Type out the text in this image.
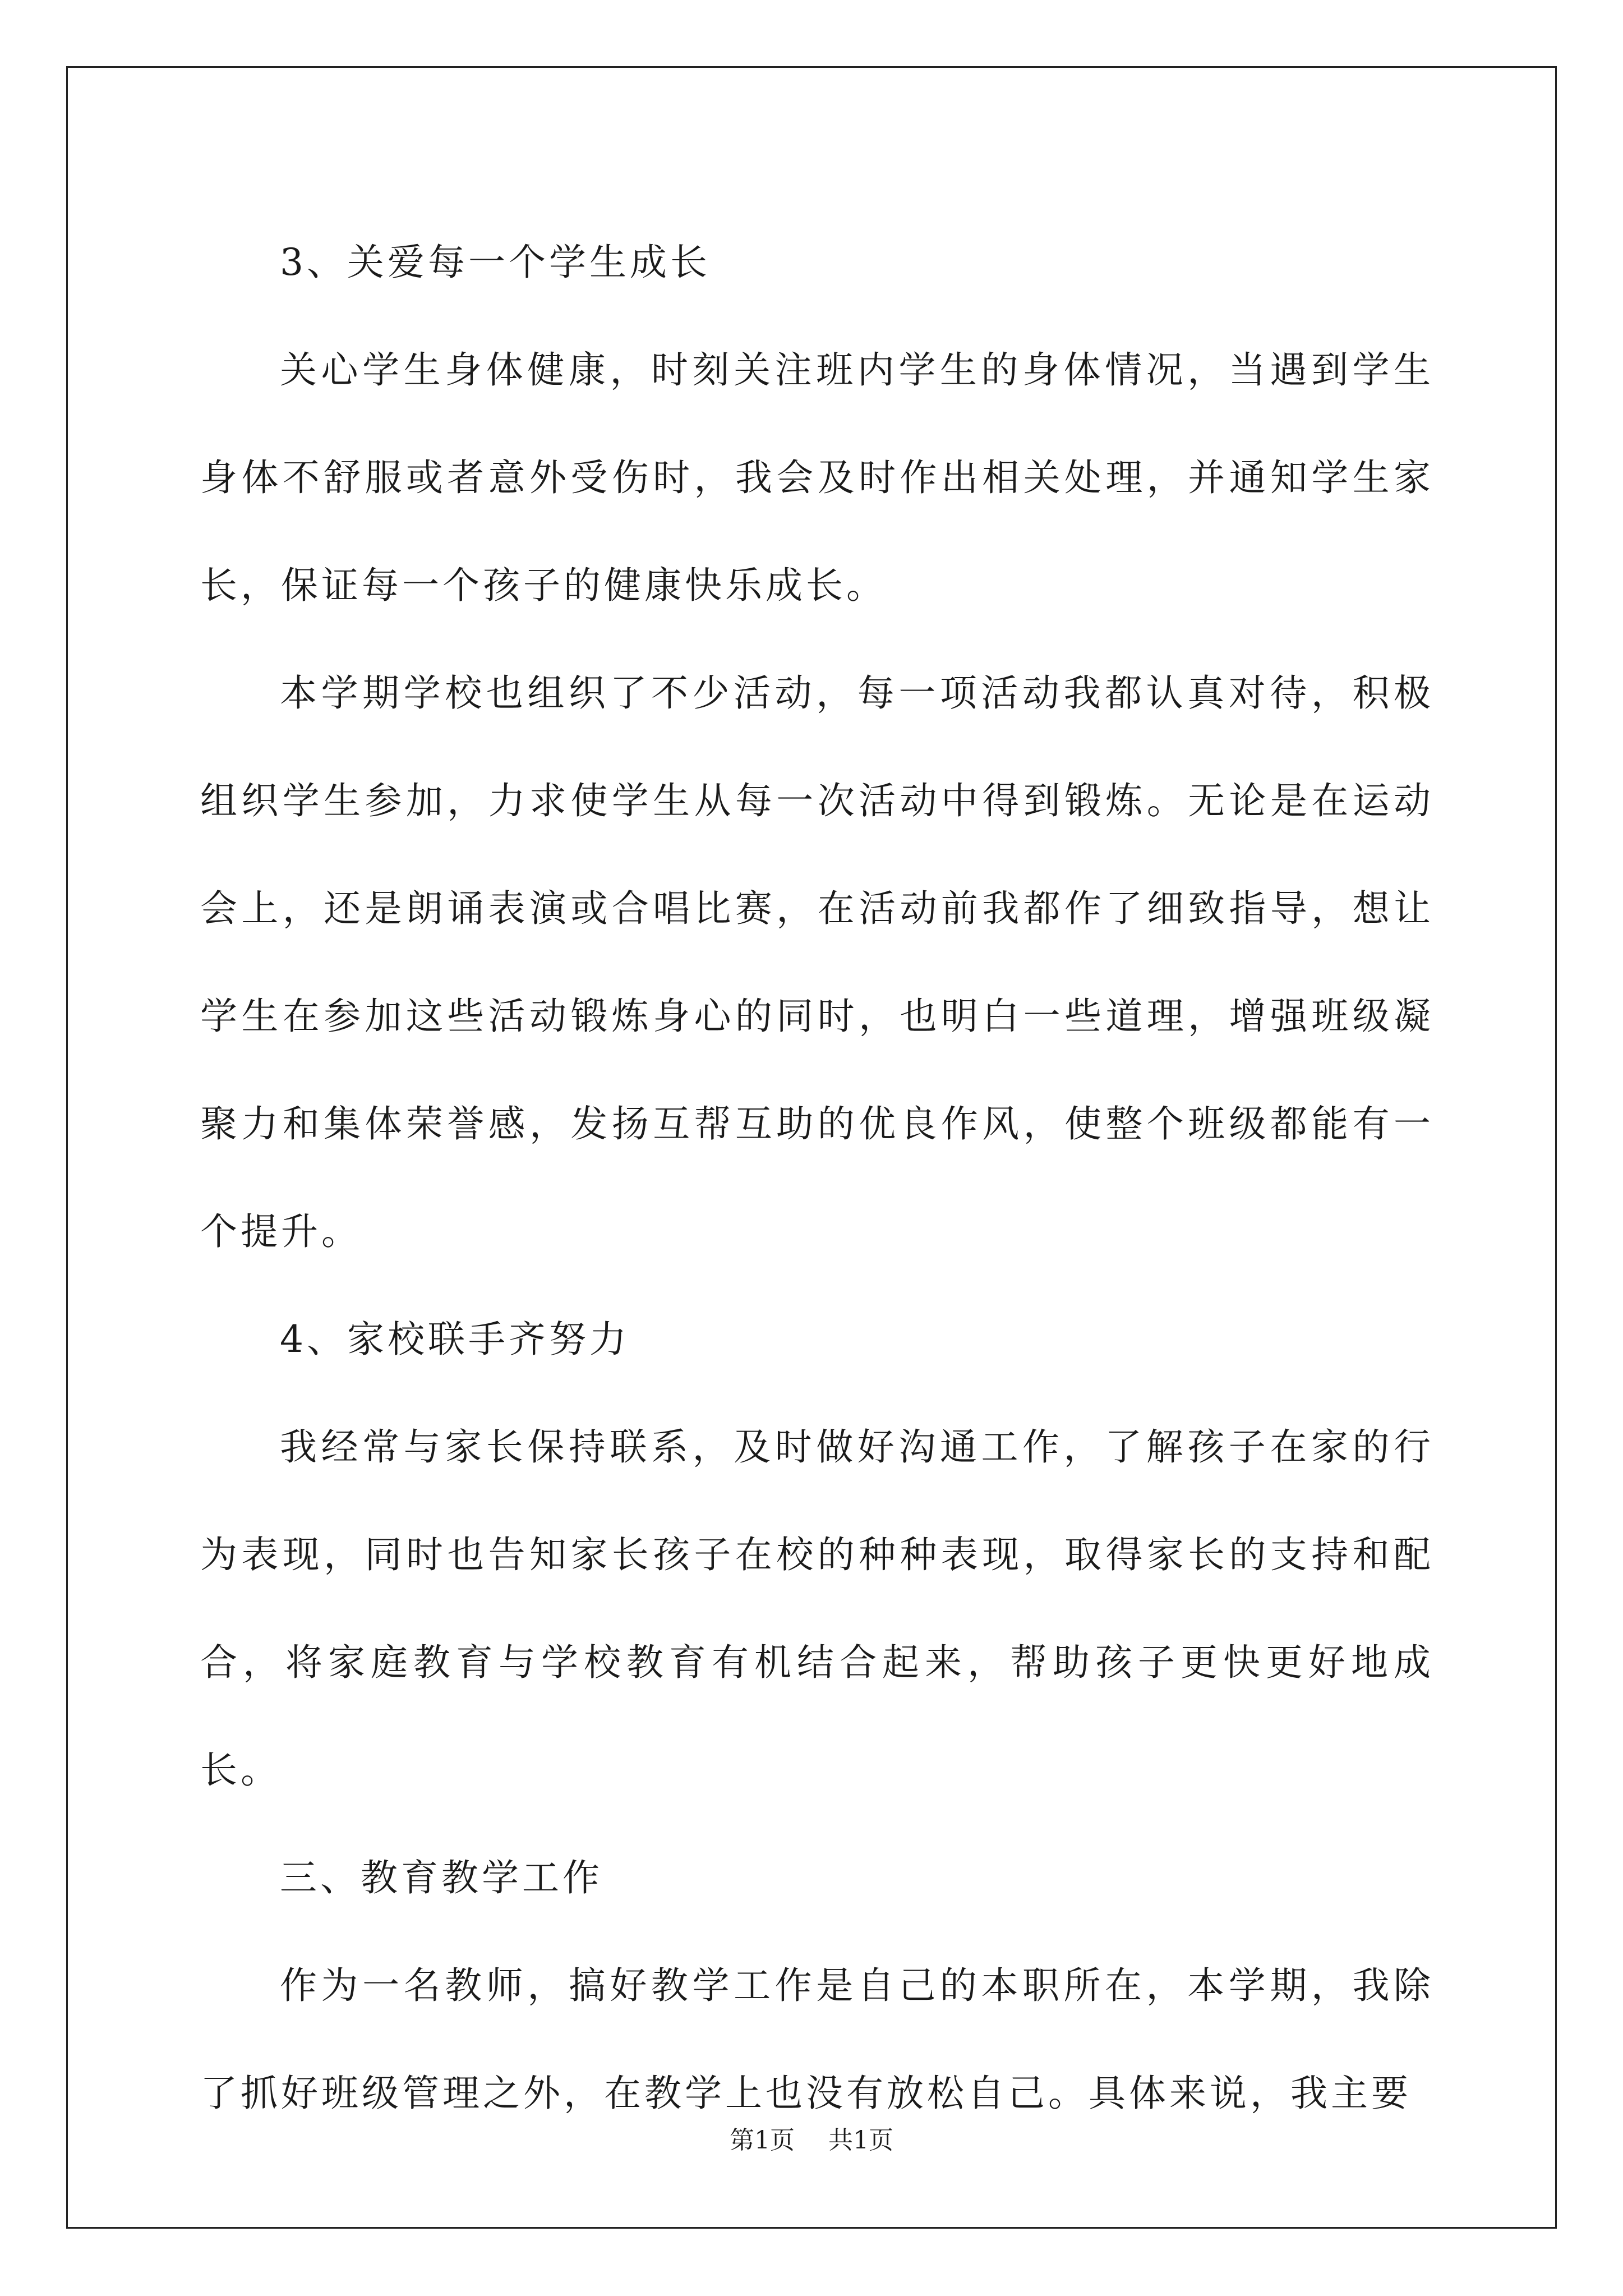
3、关爱每一个学生成长

关心学生身体健康，时刻关注班内学生的身体情况，当遇到学生身体不舒服或者意外受伤时，我会及时作出相关处理，并通知学生家长，保证每一个孩子的健康快乐成长。

本学期学校也组织了不少活动，每一项活动我都认真对待，积极组织学生参加，力求使学生从每一次活动中得到锻炼。无论是在运动会上，还是朗诵表演或合唱比赛，在活动前我都作了细致指导，想让学生在参加这些活动锻炼身心的同时，也明白一些道理，增强班级凝聚力和集体荣誉感，发扬互帮互助的优良作风，使整个班级都能有一个提升。

4、家校联手齐努力

我经常与家长保持联系，及时做好沟通工作，了解孩子在家的行为表现，同时也告知家长孩子在校的种种表现，取得家长的支持和配合，将家庭教育与学校教育有机结合起来，帮助孩子更快更好地成长。

三、教育教学工作

作为一名教师，搞好教学工作是自己的本职所在，本学期，我除了抓好班级管理之外，在教学上也没有放松自己。具体来说，我主要

第1页 共1页
